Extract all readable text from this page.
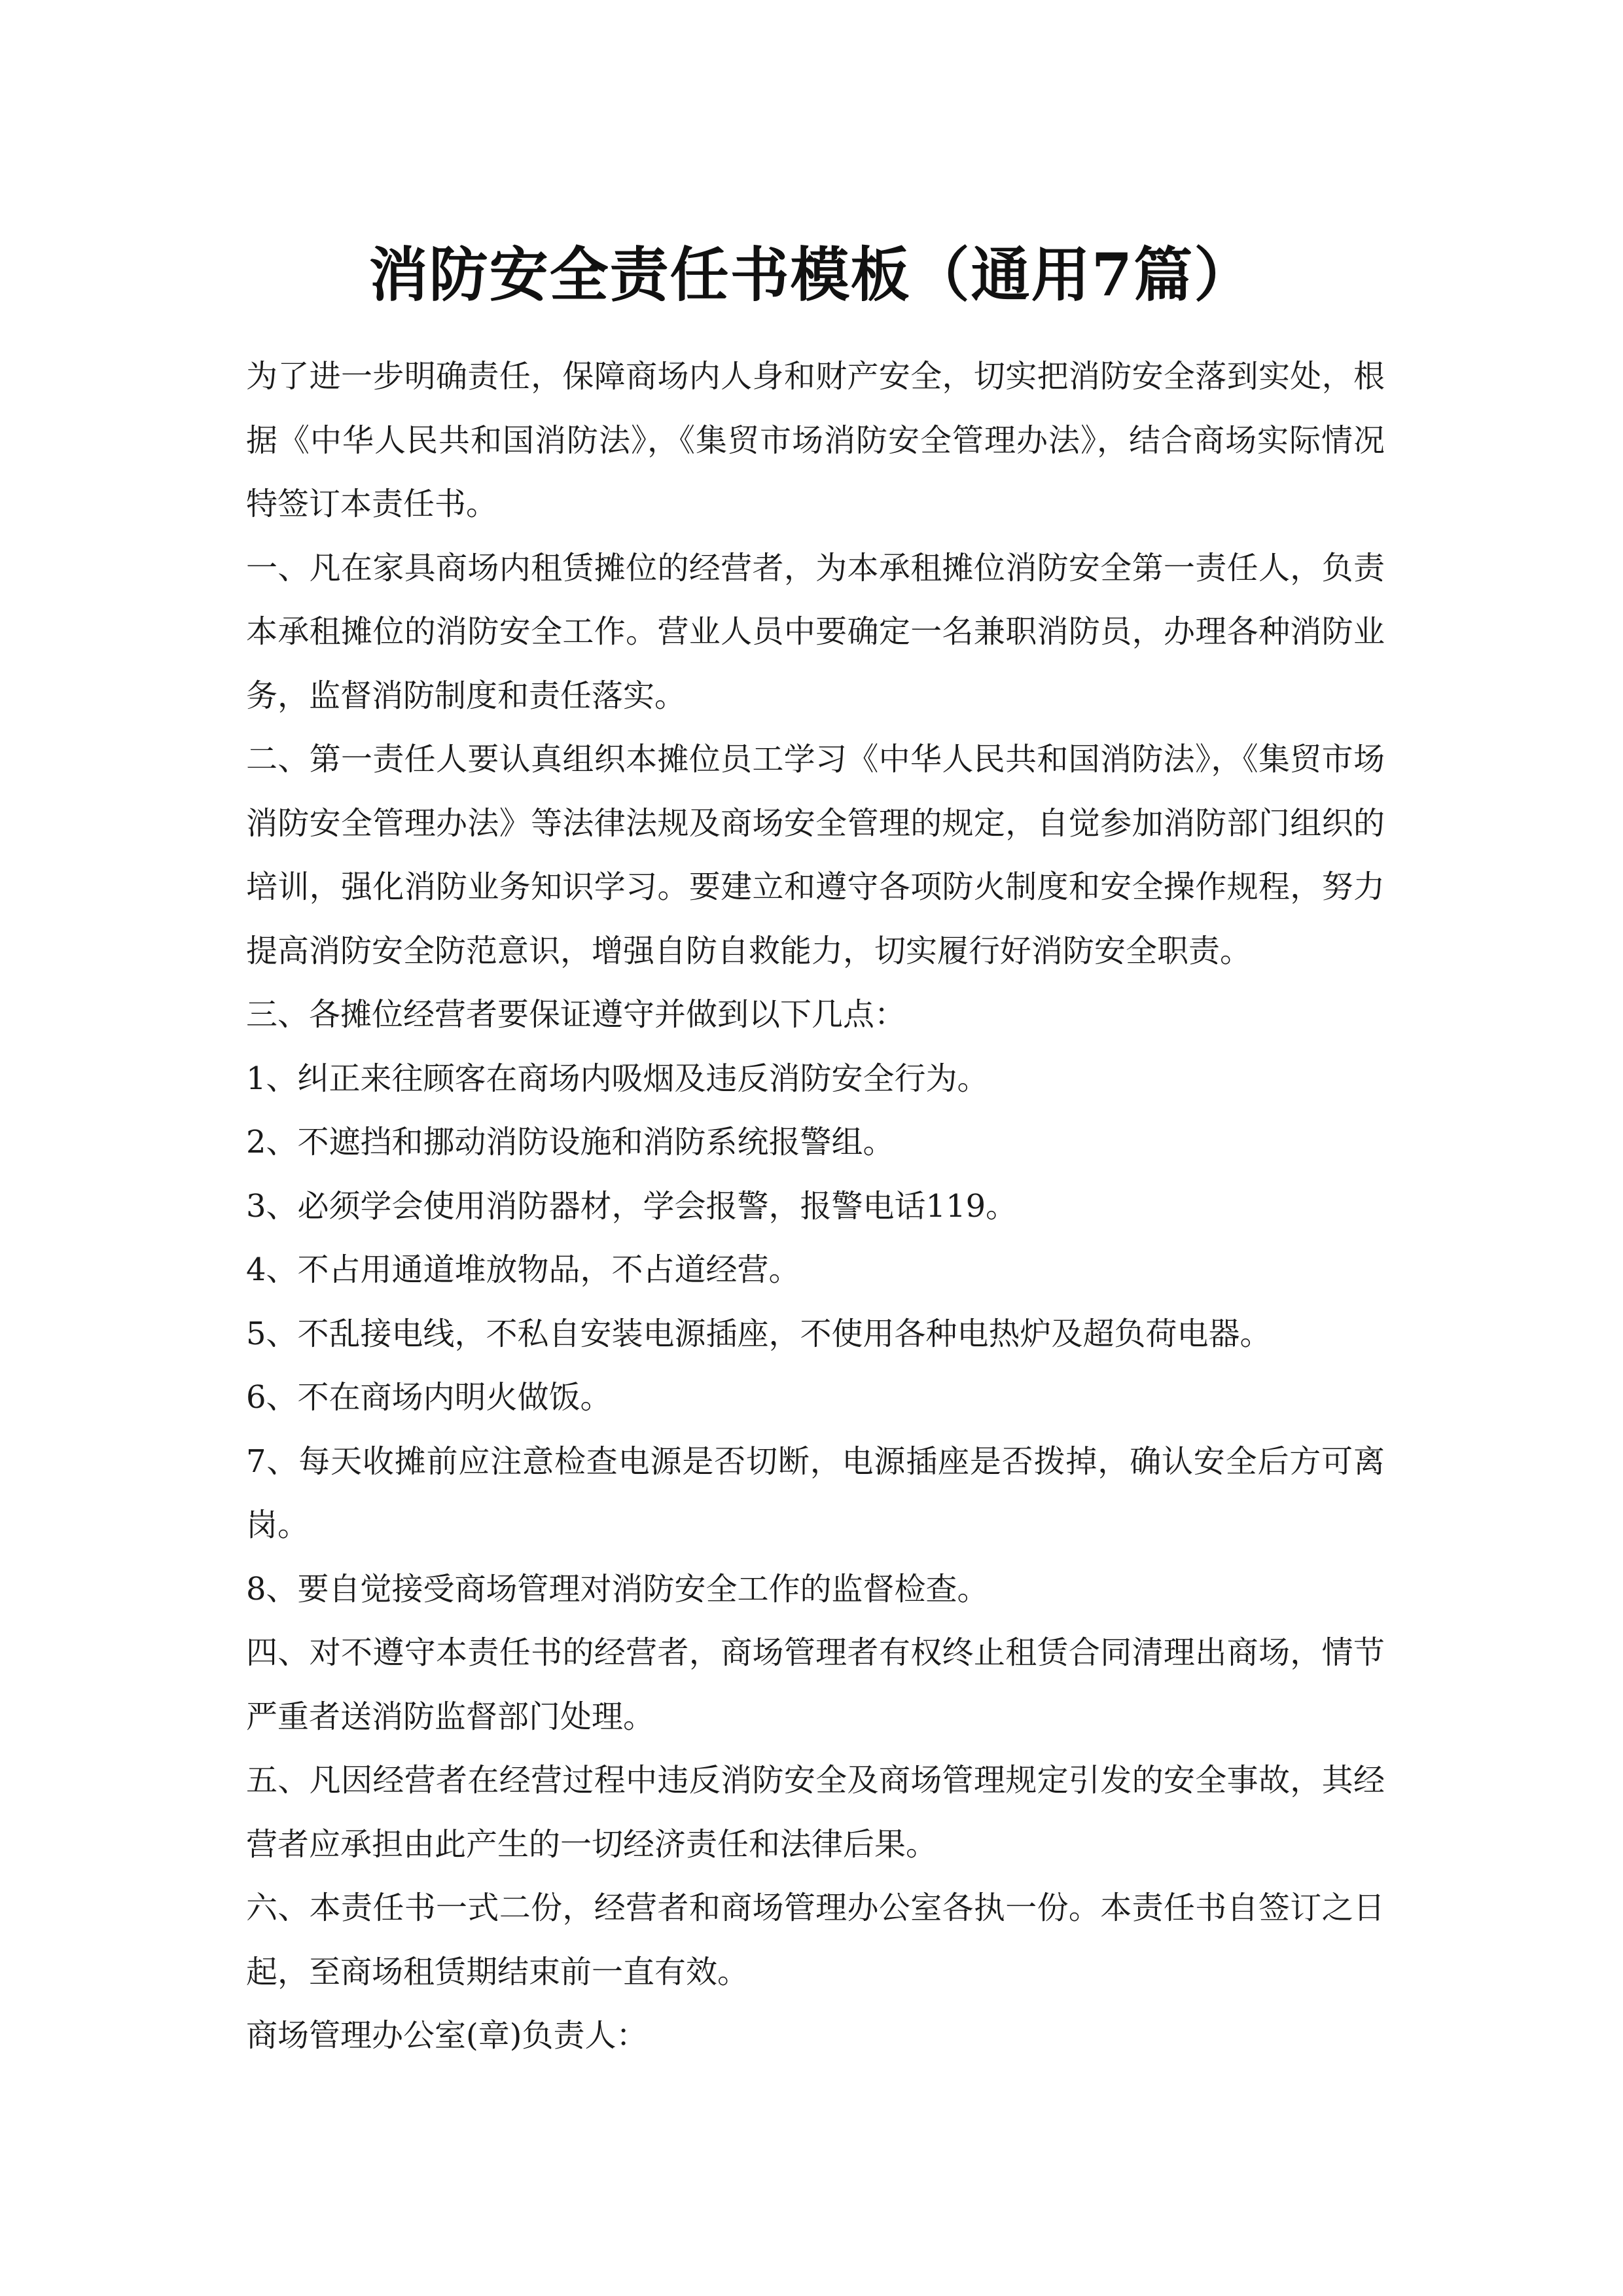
消防安全责任书模板（通用7篇）

为了进一步明确责任，保障商场内人身和财产安全，切实把消防安全落到实处，根据《中华人民共和国消防法》，《集贸市场消防安全管理办法》，结合商场实际情况特签订本责任书。

一、凡在家具商场内租赁摊位的经营者，为本承租摊位消防安全第一责任人，负责本承租摊位的消防安全工作。营业人员中要确定一名兼职消防员，办理各种消防业务，监督消防制度和责任落实。

二、第一责任人要认真组织本摊位员工学习《中华人民共和国消防法》，《集贸市场消防安全管理办法》等法律法规及商场安全管理的规定，自觉参加消防部门组织的培训，强化消防业务知识学习。要建立和遵守各项防火制度和安全操作规程，努力提高消防安全防范意识，增强自防自救能力，切实履行好消防安全职责。

三、各摊位经营者要保证遵守并做到以下几点：

1、纠正来往顾客在商场内吸烟及违反消防安全行为。

2、不遮挡和挪动消防设施和消防系统报警组。

3、必须学会使用消防器材，学会报警，报警电话119。

4、不占用通道堆放物品，不占道经营。

5、不乱接电线，不私自安装电源插座，不使用各种电热炉及超负荷电器。

6、不在商场内明火做饭。

7、每天收摊前应注意检查电源是否切断，电源插座是否拨掉，确认安全后方可离岗。

8、要自觉接受商场管理对消防安全工作的监督检查。

四、对不遵守本责任书的经营者，商场管理者有权终止租赁合同清理出商场，情节严重者送消防监督部门处理。

五、凡因经营者在经营过程中违反消防安全及商场管理规定引发的安全事故，其经营者应承担由此产生的一切经济责任和法律后果。

六、本责任书一式二份，经营者和商场管理办公室各执一份。本责任书自签订之日起，至商场租赁期结束前一直有效。

商场管理办公室(章)负责人：
